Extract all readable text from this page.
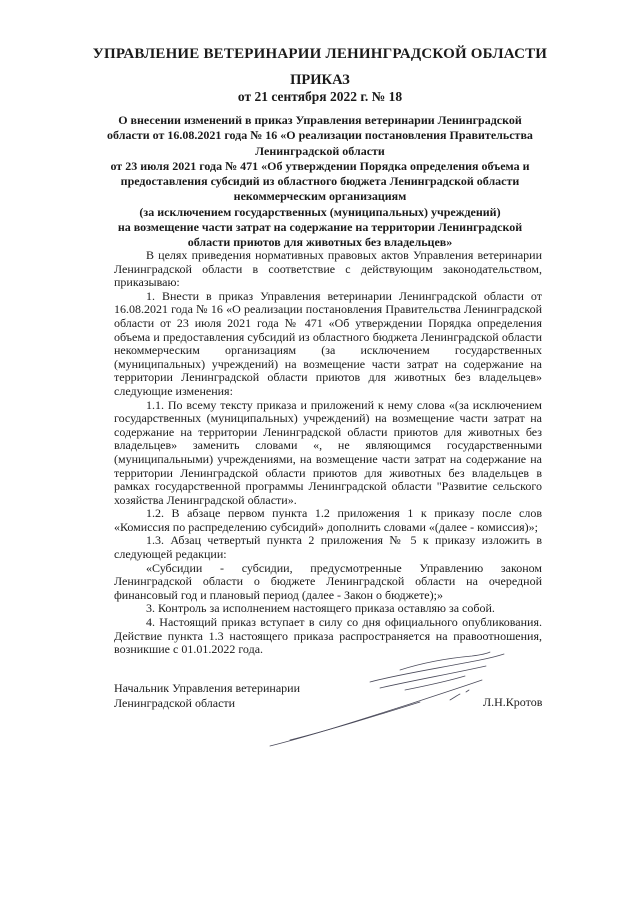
УПРАВЛЕНИЕ ВЕТЕРИНАРИИ ЛЕНИНГРАДСКОЙ ОБЛАСТИ
ПРИКАЗ
от 21 сентября 2022 г. № 18
О внесении изменений в приказ Управления ветеринарии Ленинградской
области от 16.08.2021 года № 16 «О реализации постановления Правительства
Ленинградской области
от 23 июля 2021 года № 471 «Об утверждении Порядка определения объема и
предоставления субсидий из областного бюджета Ленинградской области
некоммерческим организациям
(за исключением государственных (муниципальных) учреждений)
на возмещение части затрат на содержание на территории Ленинградской
области приютов для животных без владельцев»

В целях приведения нормативных правовых актов Управления ветеринарии Ленинградской области в соответствие с действующим законодательством, приказываю:

1. Внести в приказ Управления ветеринарии Ленинградской области от 16.08.2021 года № 16 «О реализации постановления Правительства Ленинградской области от 23 июля 2021 года № 471 «Об утверждении Порядка определения объема и предоставления субсидий из областного бюджета Ленинградской области некоммерческим организациям (за исключением государственных (муниципальных) учреждений) на возмещение части затрат на содержание на территории Ленинградской области приютов для животных без владельцев» следующие изменения:

1.1. По всему тексту приказа и приложений к нему слова «(за исключением государственных (муниципальных) учреждений) на возмещение части затрат на содержание на территории Ленинградской области приютов для животных без владельцев» заменить словами «, не являющимся государственными (муниципальными) учреждениями, на возмещение части затрат на содержание на территории Ленинградской области приютов для животных без владельцев в рамках государственной программы Ленинградской области "Развитие сельского хозяйства Ленинградской области».

1.2. В абзаце первом пункта 1.2 приложения 1 к приказу после слов «Комиссия по распределению субсидий» дополнить словами «(далее - комиссия)»;

1.3. Абзац четвертый пункта 2 приложения № 5 к приказу изложить в следующей редакции:

«Субсидии - субсидии, предусмотренные Управлению законом Ленинградской области о бюджете Ленинградской области на очередной финансовый год и плановый период (далее - Закон о бюджете);»

3. Контроль за исполнением настоящего приказа оставляю за собой.

4. Настоящий приказ вступает в силу со дня официального опубликования. Действие пункта 1.3 настоящего приказа распространяется на правоотношения, возникшие с 01.01.2022 года.

Начальник Управления ветеринарии
Ленинградской области	Л.Н.Кротов
